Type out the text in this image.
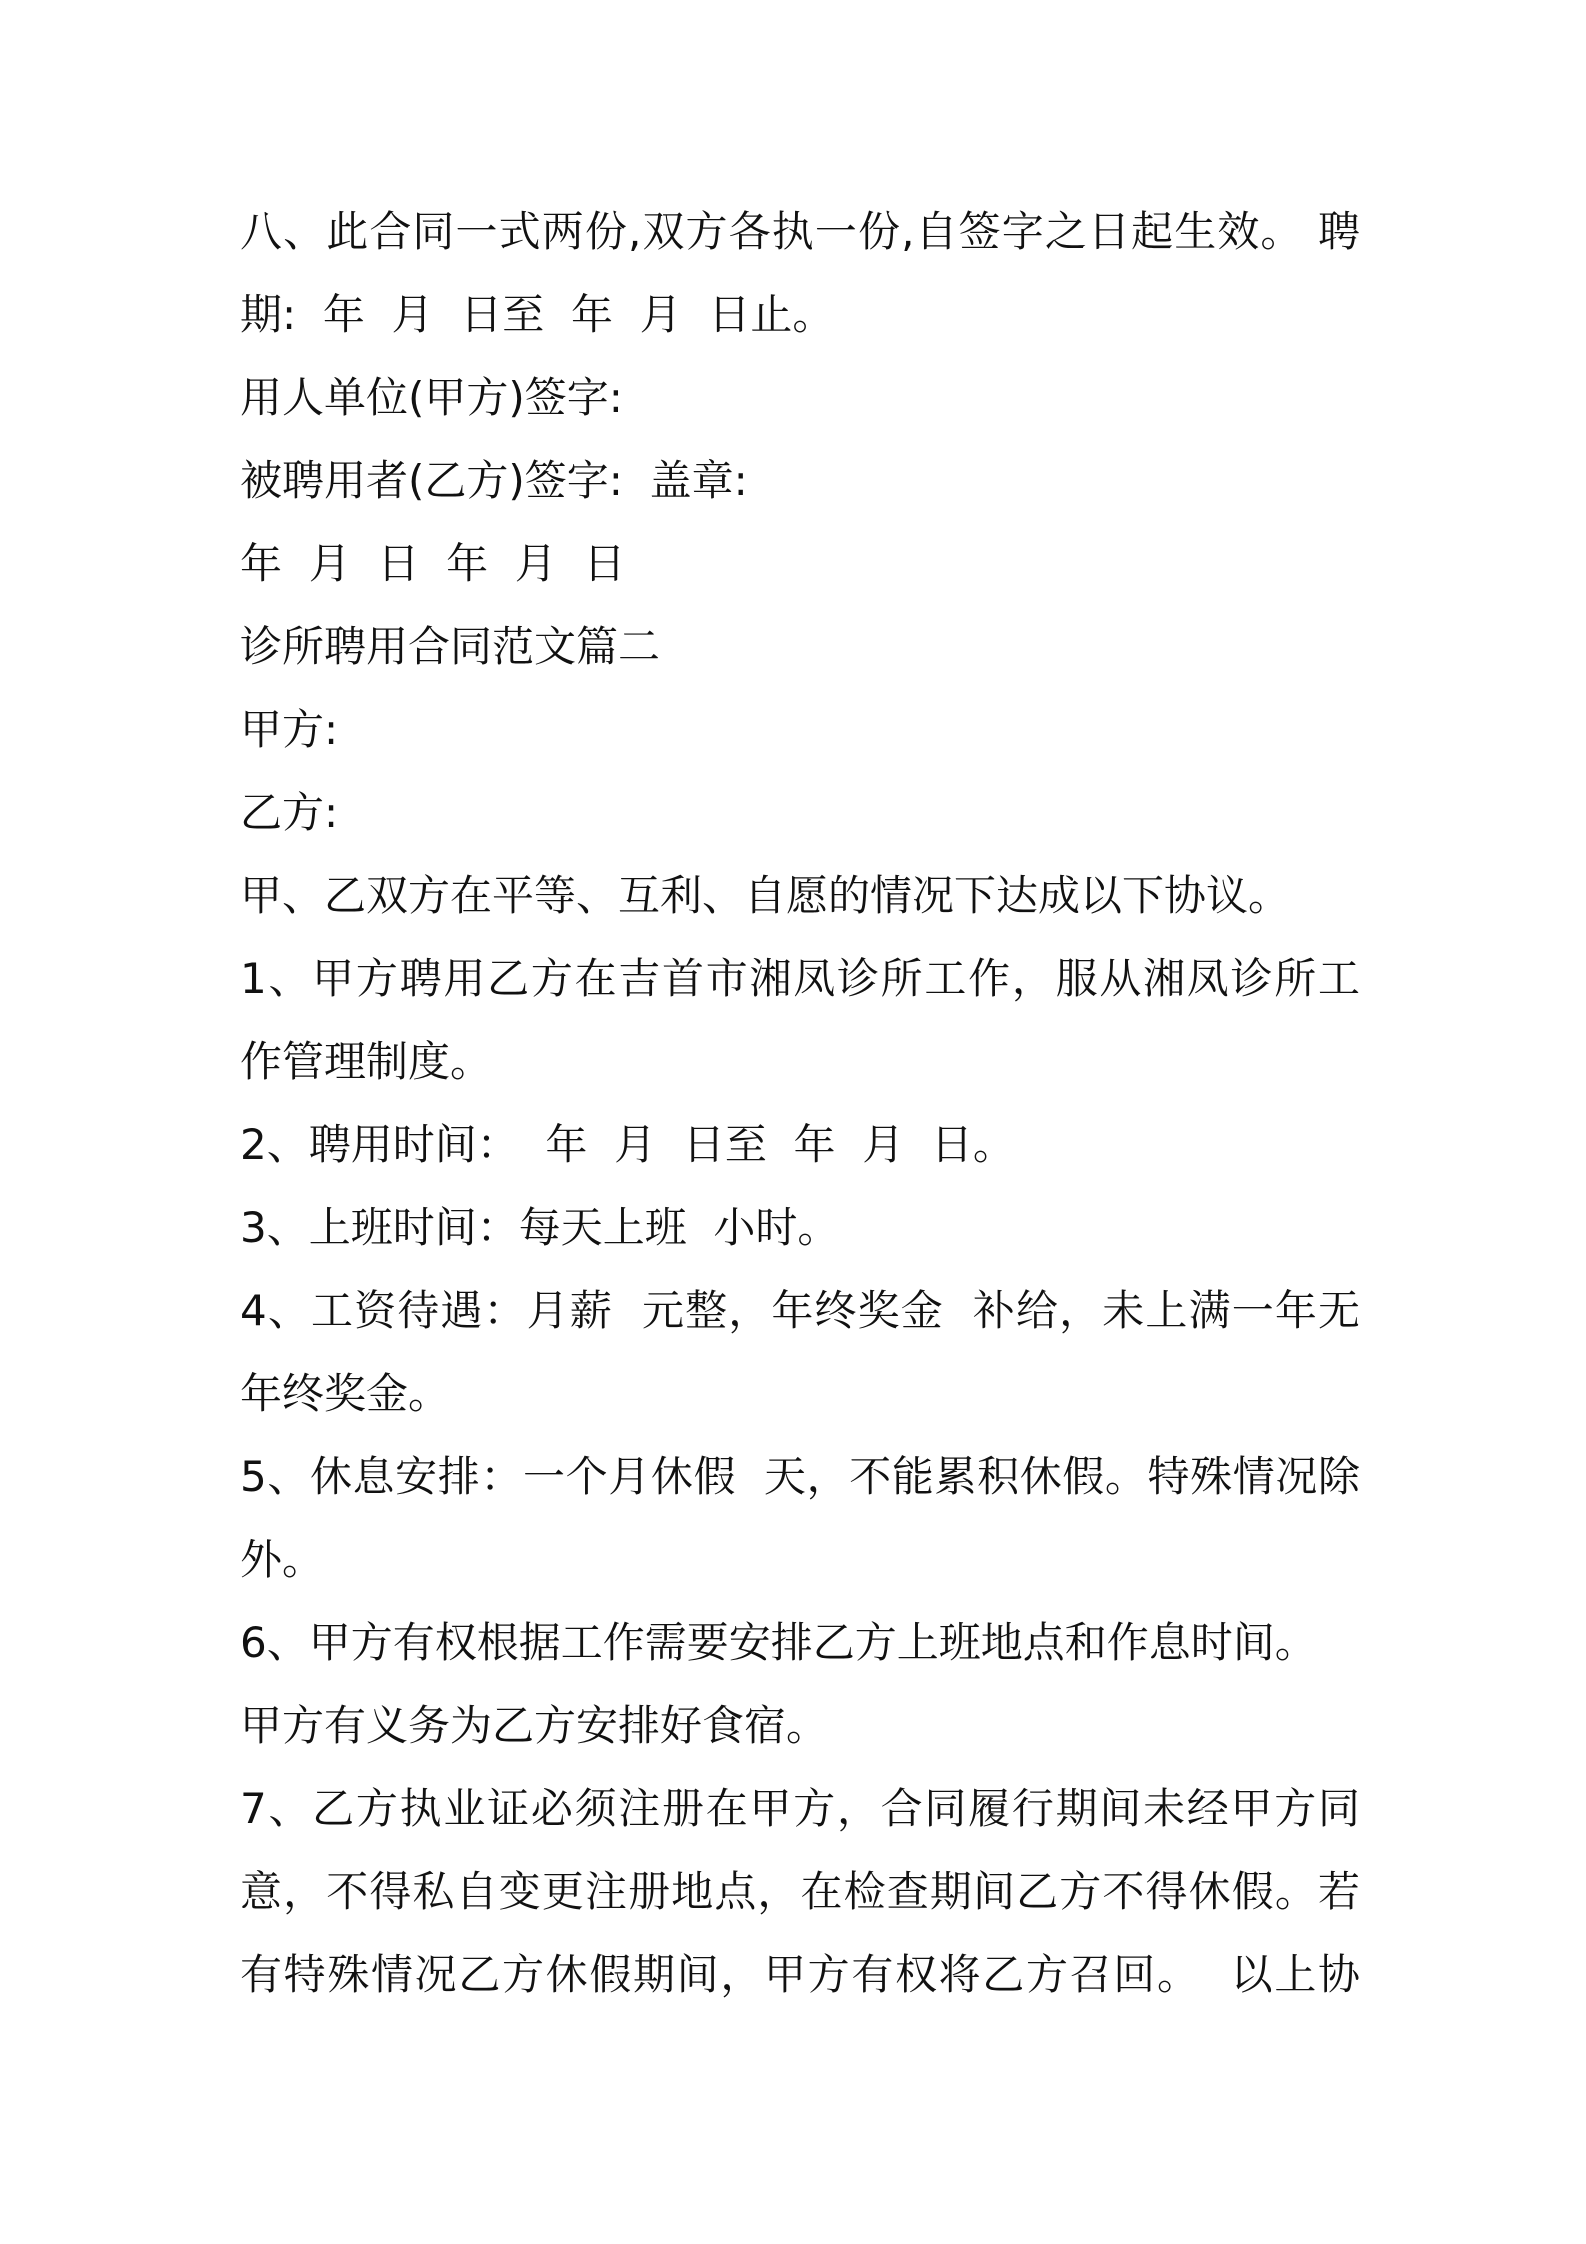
八、此合同一式两份,双方各执一份,自签字之日起生效。 聘
期:  年  月  日至  年  月  日止。
用人单位(甲方)签字:
被聘用者(乙方)签字:  盖章:
年  月  日  年  月  日
诊所聘用合同范文篇二
甲方:
乙方:
甲、乙双方在平等、互利、自愿的情况下达成以下协议。
1、甲方聘用乙方在吉首市湘凤诊所工作，服从湘凤诊所工
作管理制度。
2、聘用时间：  年  月  日至  年  月  日。
3、上班时间：每天上班  小时。
4、工资待遇：月薪  元整，年终奖金  补给，未上满一年无
年终奖金。
5、休息安排：一个月休假  天，不能累积休假。特殊情况除
外。
6、甲方有权根据工作需要安排乙方上班地点和作息时间。
甲方有义务为乙方安排好食宿。
7、乙方执业证必须注册在甲方，合同履行期间未经甲方同
意，不得私自变更注册地点，在检查期间乙方不得休假。若
有特殊情况乙方休假期间，甲方有权将乙方召回。  以上协
